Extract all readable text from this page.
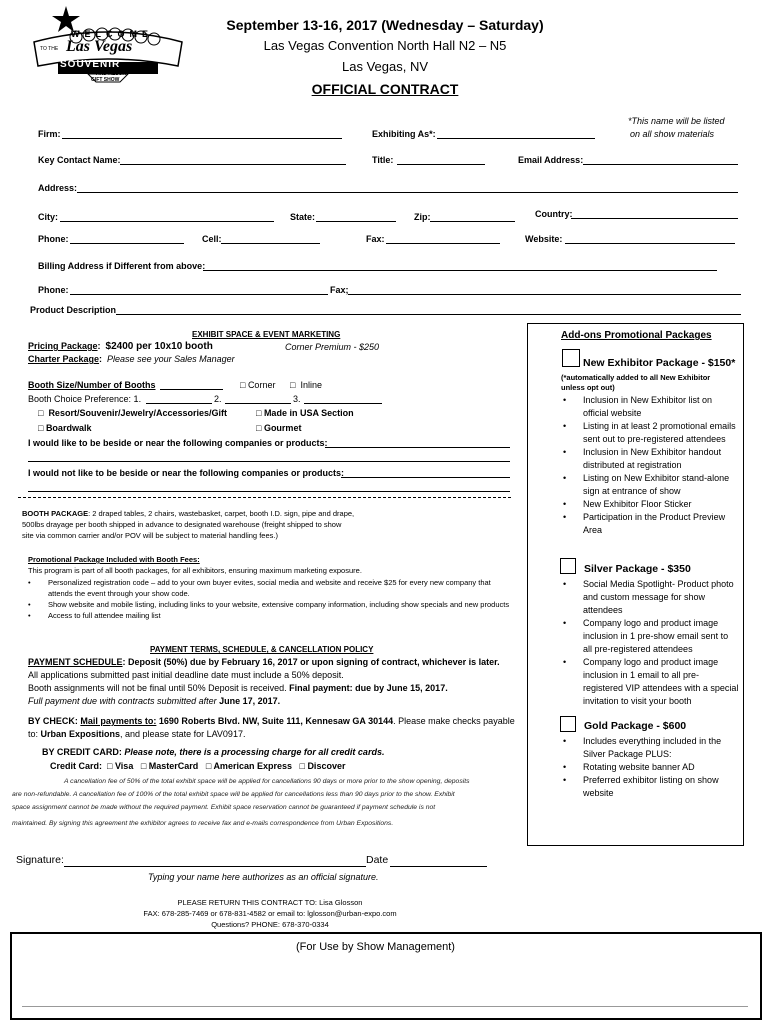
WELCOME
TO THE Las Vegas
SOUVENIR
AND RESORT
GIFT SHOW
September 13-16, 2017 (Wednesday – Saturday)
Las Vegas Convention North Hall N2 – N5
Las Vegas, NV
OFFICIAL CONTRACT
*This name will be listed
on all show materials
Firm:	Exhibiting As*:
Key Contact Name:	Title:	Email Address:
Address:
City:	State:	Zip:	Country:
Phone:	Cell:	Fax:	Website:
Billing Address if Different from above:
Phone:	Fax;
Product Description
EXHIBIT SPACE & EVENT MARKETING
Pricing Package:  $2400 per 10x10 booth	Corner Premium - $250
Charter Package:  Please see your Sales Manager
Booth Size/Number of Booths	□ Corner □  Inline
Booth Choice Preference: 1.	2.	3.
□  Resort/Souvenir/Jewelry/Accessories/Gift	□ Made in USA Section
□ Boardwalk	□ Gourmet
I would like to be beside or near the following companies or products:
I would not like to be beside or near the following companies or products:
BOOTH PACKAGE: 2 draped tables, 2 chairs, wastebasket, carpet, booth I.D. sign, pipe and drape,
500lbs drayage per booth shipped in advance to designated warehouse (freight shipped to show
site via common carrier and/or POV will be subject to material handling fees.)
Promotional Package Included with Booth Fees:
This program is part of all booth packages, for all exhibitors, ensuring maximum marketing exposure.
• Personalized registration code – add to your own buyer evites, social media and website and receive $25 for every new company that attends the event through your show code.
• Show website and mobile listing, including links to your website, extensive company information, including show specials and new products
• Access to full attendee mailing list
PAYMENT TERMS, SCHEDULE, & CANCELLATION POLICY
PAYMENT SCHEDULE: Deposit (50%) due by February 16, 2017 or upon signing of contract, whichever is later.
All applications submitted past initial deadline date must include a 50% deposit.
Booth assignments will not be final until 50% Deposit is received. Final payment: due by June 15, 2017.
Full payment due with contracts submitted after June 17, 2017.
BY CHECK: Mail payments to: 1690 Roberts Blvd. NW, Suite 111, Kennesaw GA 30144. Please make checks payable
to: Urban Expositions, and please state for LAV0917.
BY CREDIT CARD: Please note, there is a processing charge for all credit cards.
Credit Card: □ Visa □ MasterCard □ American Express □ Discover
A cancellation fee of 50% of the total exhibit space will be applied for cancellations 90 days or more prior to the show opening, deposits
are non-refundable. A cancellation fee of 100% of the total exhibit space will be applied for cancellations less than 90 days prior to the show. Exhibit
space assignment cannot be made without the required payment. Exhibit space reservation cannot be guaranteed if payment schedule is not
maintained. By signing this agreement the exhibitor agrees to receive fax and e-mails correspondence from Urban Expositions.
Add-ons Promotional Packages
New Exhibitor Package - $150*
(*automatically added to all New Exhibitor
unless opt out)
• Inclusion in New Exhibitor list on official website
• Listing in at least 2 promotional emails sent out to pre-registered attendees
• Inclusion in New Exhibitor handout distributed at registration
• Listing on New Exhibitor stand-alone sign at entrance of show
• New Exhibitor Floor Sticker
• Participation in the Product Preview Area
Silver Package - $350
• Social Media Spotlight- Product photo and custom message for show attendees
• Company logo and product image inclusion in 1 pre-show email sent to all pre-registered attendees
• Company logo and product image inclusion in 1 email to all pre-registered VIP attendees with a special invitation to visit your booth
Gold Package - $600
• Includes everything included in the Silver Package PLUS:
• Rotating website banner AD
• Preferred exhibitor listing on show website
Signature:	Date
Typing your name here authorizes as an official signature.
PLEASE RETURN THIS CONTRACT TO: Lisa Glosson
FAX: 678-285-7469 or 678-831-4582 or email to: lglosson@urban-expo.com
Questions? PHONE: 678-370-0334
(For Use by Show Management)
